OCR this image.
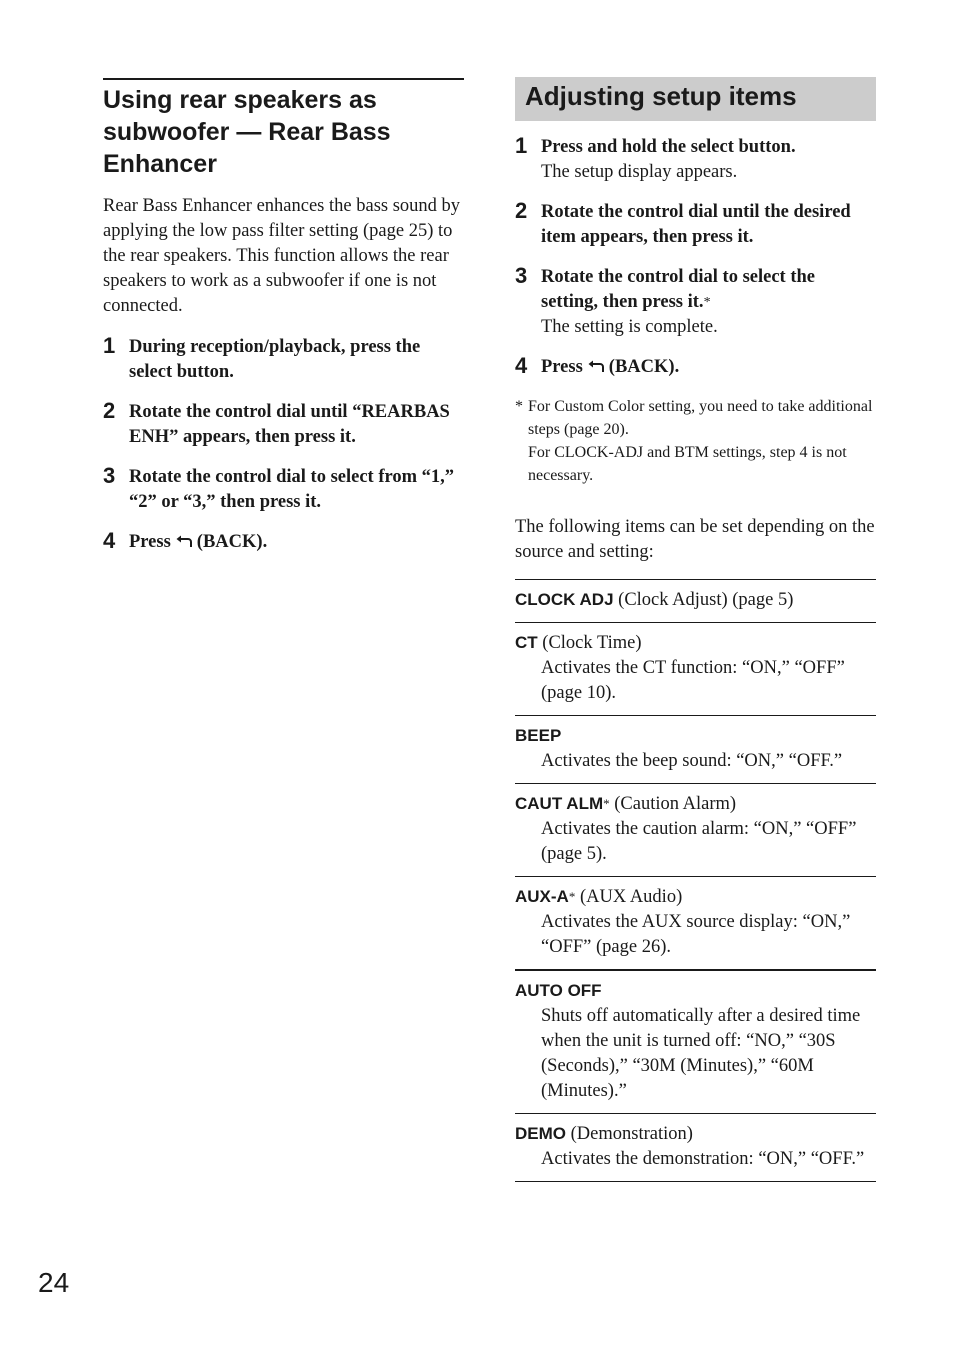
Using rear speakers as subwoofer — Rear Bass Enhancer

Rear Bass Enhancer enhances the bass sound by applying the low pass filter setting (page 25) to the rear speakers. This function allows the rear speakers to work as a subwoofer if one is not connected.

1 During reception/playback, press the select button.
2 Rotate the control dial until “REARBAS ENH” appears, then press it.
3 Rotate the control dial to select from “1,” “2” or “3,” then press it.
4 Press (BACK).
Adjusting setup items
1 Press and hold the select button.
The setup display appears.
2 Rotate the control dial until the desired item appears, then press it.
3 Rotate the control dial to select the setting, then press it.*
The setting is complete.
4 Press (BACK).
* For Custom Color setting, you need to take additional steps (page 20).
For CLOCK-ADJ and BTM settings, step 4 is not necessary.

The following items can be set depending on the source and setting:

CLOCK ADJ (Clock Adjust) (page 5)
CT (Clock Time)
Activates the CT function: “ON,” “OFF” (page 10).
BEEP
Activates the beep sound: “ON,” “OFF.”
CAUT ALM* (Caution Alarm)
Activates the caution alarm: “ON,” “OFF” (page 5).
AUX-A* (AUX Audio)
Activates the AUX source display: “ON,” “OFF” (page 26).
AUTO OFF
Shuts off automatically after a desired time when the unit is turned off: “NO,” “30S (Seconds),” “30M (Minutes),” “60M (Minutes).”
DEMO (Demonstration)
Activates the demonstration: “ON,” “OFF.”
24
